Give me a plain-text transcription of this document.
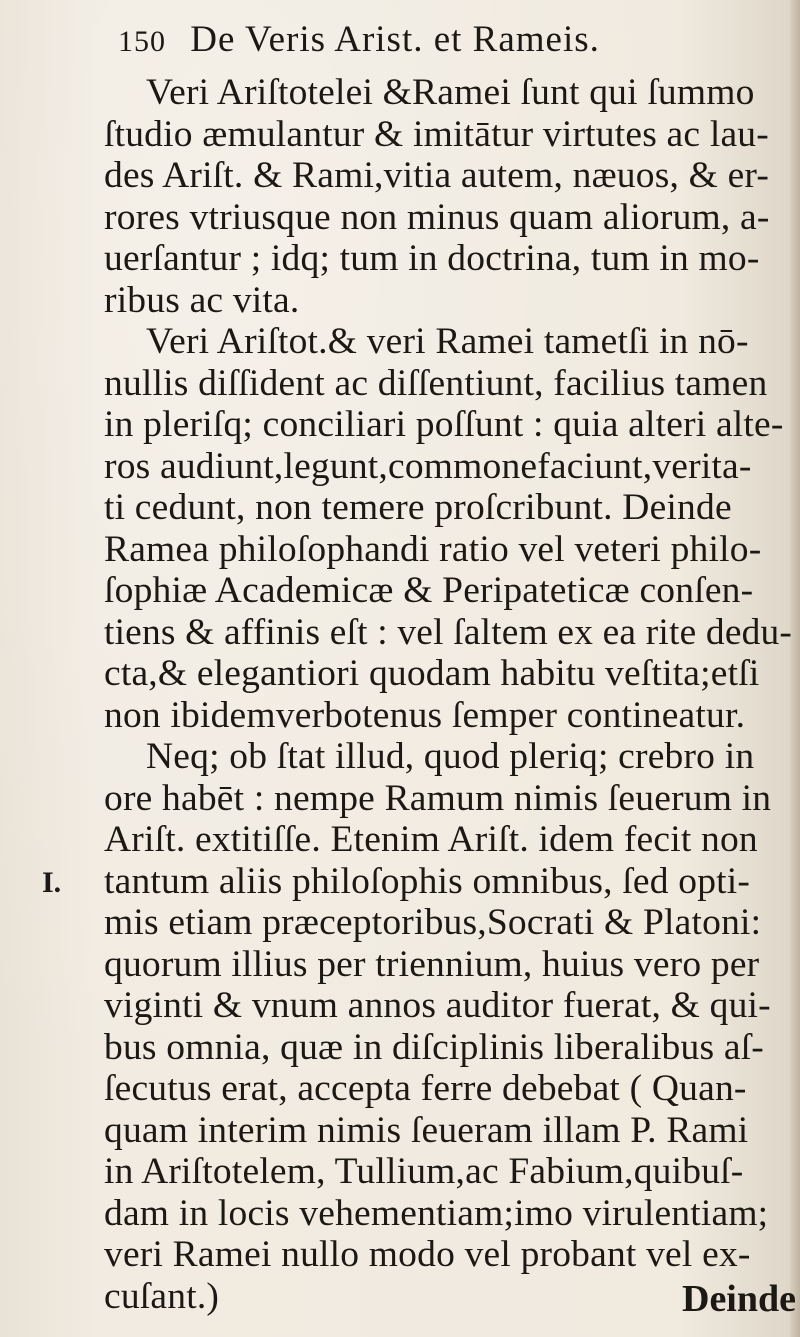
150 De Veris Arist. et Rameis.
Veri Ariſtotelei &Ramei ſunt qui ſummo
ſtudio æmulantur & imitātur virtutes ac lau-
des Ariſt. & Rami,vitia autem, næuos, & er-
rores vtriusque non minus quam aliorum, a-
uerſantur ; idq; tum in doctrina, tum in mo-
ribus ac vita.
Veri Ariſtot.& veri Ramei tametſi in nō-
nullis diſſident ac diſſentiunt, facilius tamen
in pleriſq; conciliari poſſunt : quia alteri alte-
ros audiunt,legunt,commonefaciunt,verita-
ti cedunt, non temere proſcribunt. Deinde
Ramea philoſophandi ratio vel veteri philo-
ſophiæ Academicæ & Peripateticæ conſen-
tiens & affinis eſt : vel ſaltem ex ea rite dedu-
cta,& elegantiori quodam habitu veſtita;etſi
non ibidemverbotenus ſemper contineatur.
Neq; ob ſtat illud, quod pleriq; crebro in
ore habēt : nempe Ramum nimis ſeuerum in
Ariſt. extitiſſe. Etenim Ariſt. idem fecit non
tantum aliis philoſophis omnibus, ſed opti-
mis etiam præceptoribus,Socrati & Platoni:
quorum illius per triennium, huius vero per
viginti & vnum annos auditor fuerat, & qui-
bus omnia, quæ in diſciplinis liberalibus aſ-
ſecutus erat, accepta ferre debebat ( Quan-
quam interim nimis ſeueram illam P. Rami
in Ariſtotelem, Tullium,ac Fabium,quibuſ-
dam in locis vehementiam;imo virulentiam;
veri Ramei nullo modo vel probant vel ex-
cuſant.)
I.
Deinde
